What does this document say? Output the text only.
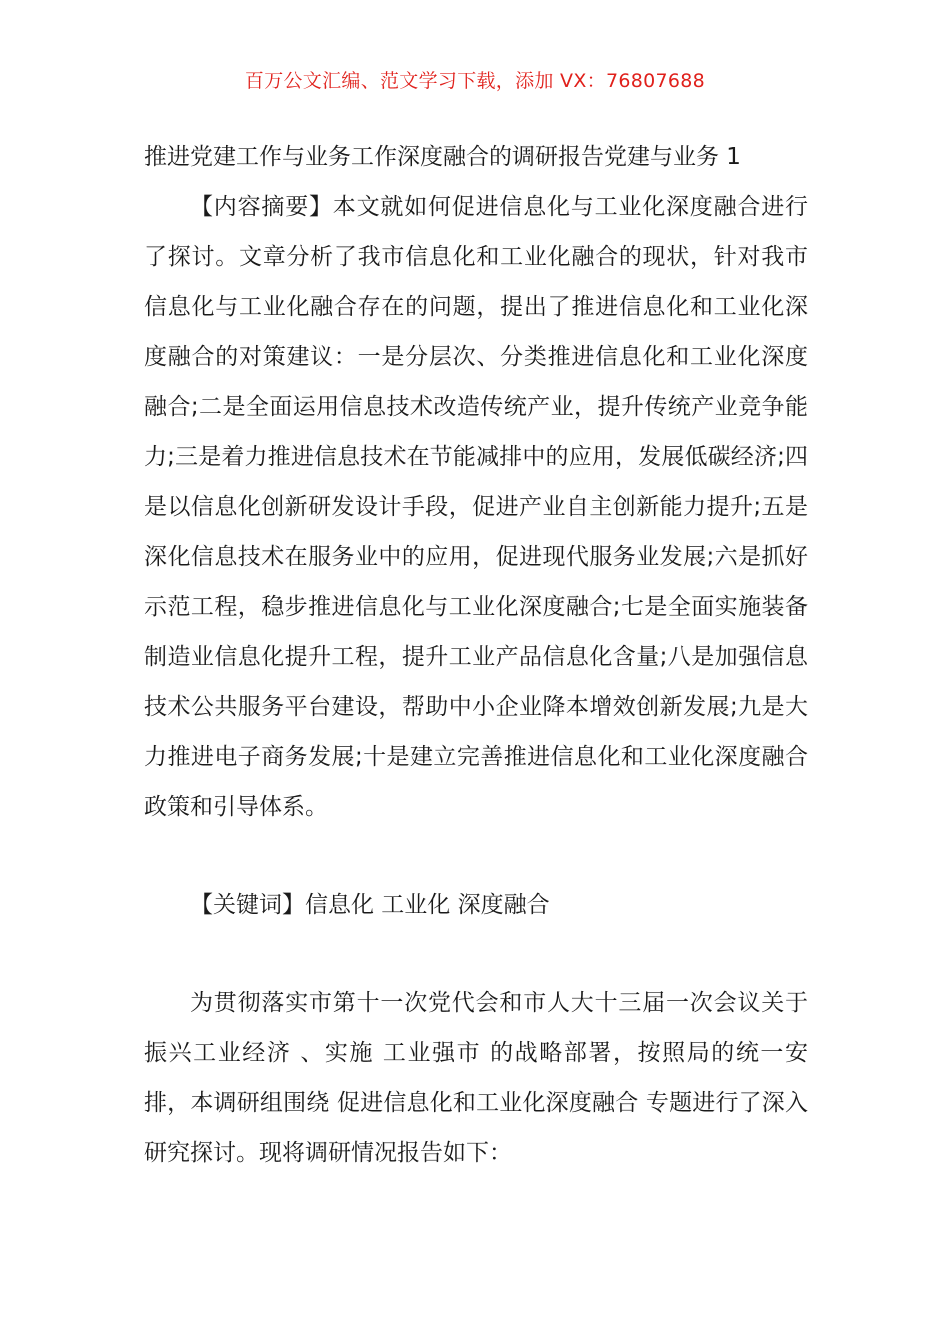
百万公文汇编、范文学习下载，添加 VX：76807688
推进党建工作与业务工作深度融合的调研报告党建与业务 1

【内容摘要】本文就如何促进信息化与工业化深度融合进行了探讨。文章分析了我市信息化和工业化融合的现状，针对我市信息化与工业化融合存在的问题，提出了推进信息化和工业化深度融合的对策建议：一是分层次、分类推进信息化和工业化深度融合;二是全面运用信息技术改造传统产业，提升传统产业竞争能力;三是着力推进信息技术在节能减排中的应用，发展低碳经济;四是以信息化创新研发设计手段，促进产业自主创新能力提升;五是深化信息技术在服务业中的应用，促进现代服务业发展;六是抓好示范工程，稳步推进信息化与工业化深度融合;七是全面实施装备制造业信息化提升工程，提升工业产品信息化含量;八是加强信息技术公共服务平台建设，帮助中小企业降本增效创新发展;九是大力推进电子商务发展;十是建立完善推进信息化和工业化深度融合政策和引导体系。

【关键词】信息化 工业化 深度融合

为贯彻落实市第十一次党代会和市人大十三届一次会议关于 振兴工业经济 、实施 工业强市 的战略部署，按照局的统一安排，本调研组围绕 促进信息化和工业化深度融合 专题进行了深入研究探讨。现将调研情况报告如下：
